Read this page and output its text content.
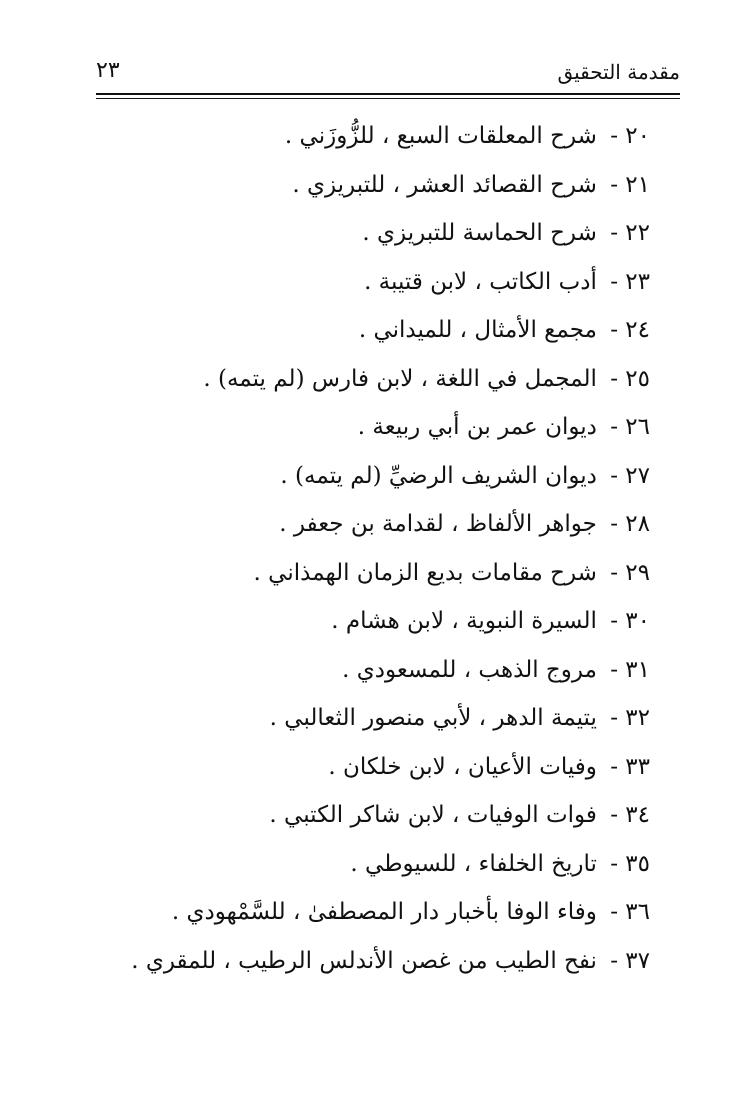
مقدمة التحقيق
٢٣
٢٠- شرح المعلقات السبع ، للزُّوزَني .
٢١- شرح القصائد العشر ، للتبريزي .
٢٢- شرح الحماسة للتبريزي .
٢٣- أدب الكاتب ، لابن قتيبة .
٢٤- مجمع الأمثال ، للميداني .
٢٥- المجمل في اللغة ، لابن فارس (لم يتمه) .
٢٦- ديوان عمر بن أبي ربيعة .
٢٧- ديوان الشريف الرضيِّ (لم يتمه) .
٢٨- جواهر الألفاظ ، لقدامة بن جعفر .
٢٩- شرح مقامات بديع الزمان الهمذاني .
٣٠- السيرة النبوية ، لابن هشام .
٣١- مروج الذهب ، للمسعودي .
٣٢- يتيمة الدهر ، لأبي منصور الثعالبي .
٣٣- وفيات الأعيان ، لابن خلكان .
٣٤- فوات الوفيات ، لابن شاكر الكتبي .
٣٥- تاريخ الخلفاء ، للسيوطي .
٣٦- وفاء الوفا بأخبار دار المصطفىٰ ، للسَّمْهودي .
٣٧- نفح الطيب من غصن الأندلس الرطيب ، للمقري .
